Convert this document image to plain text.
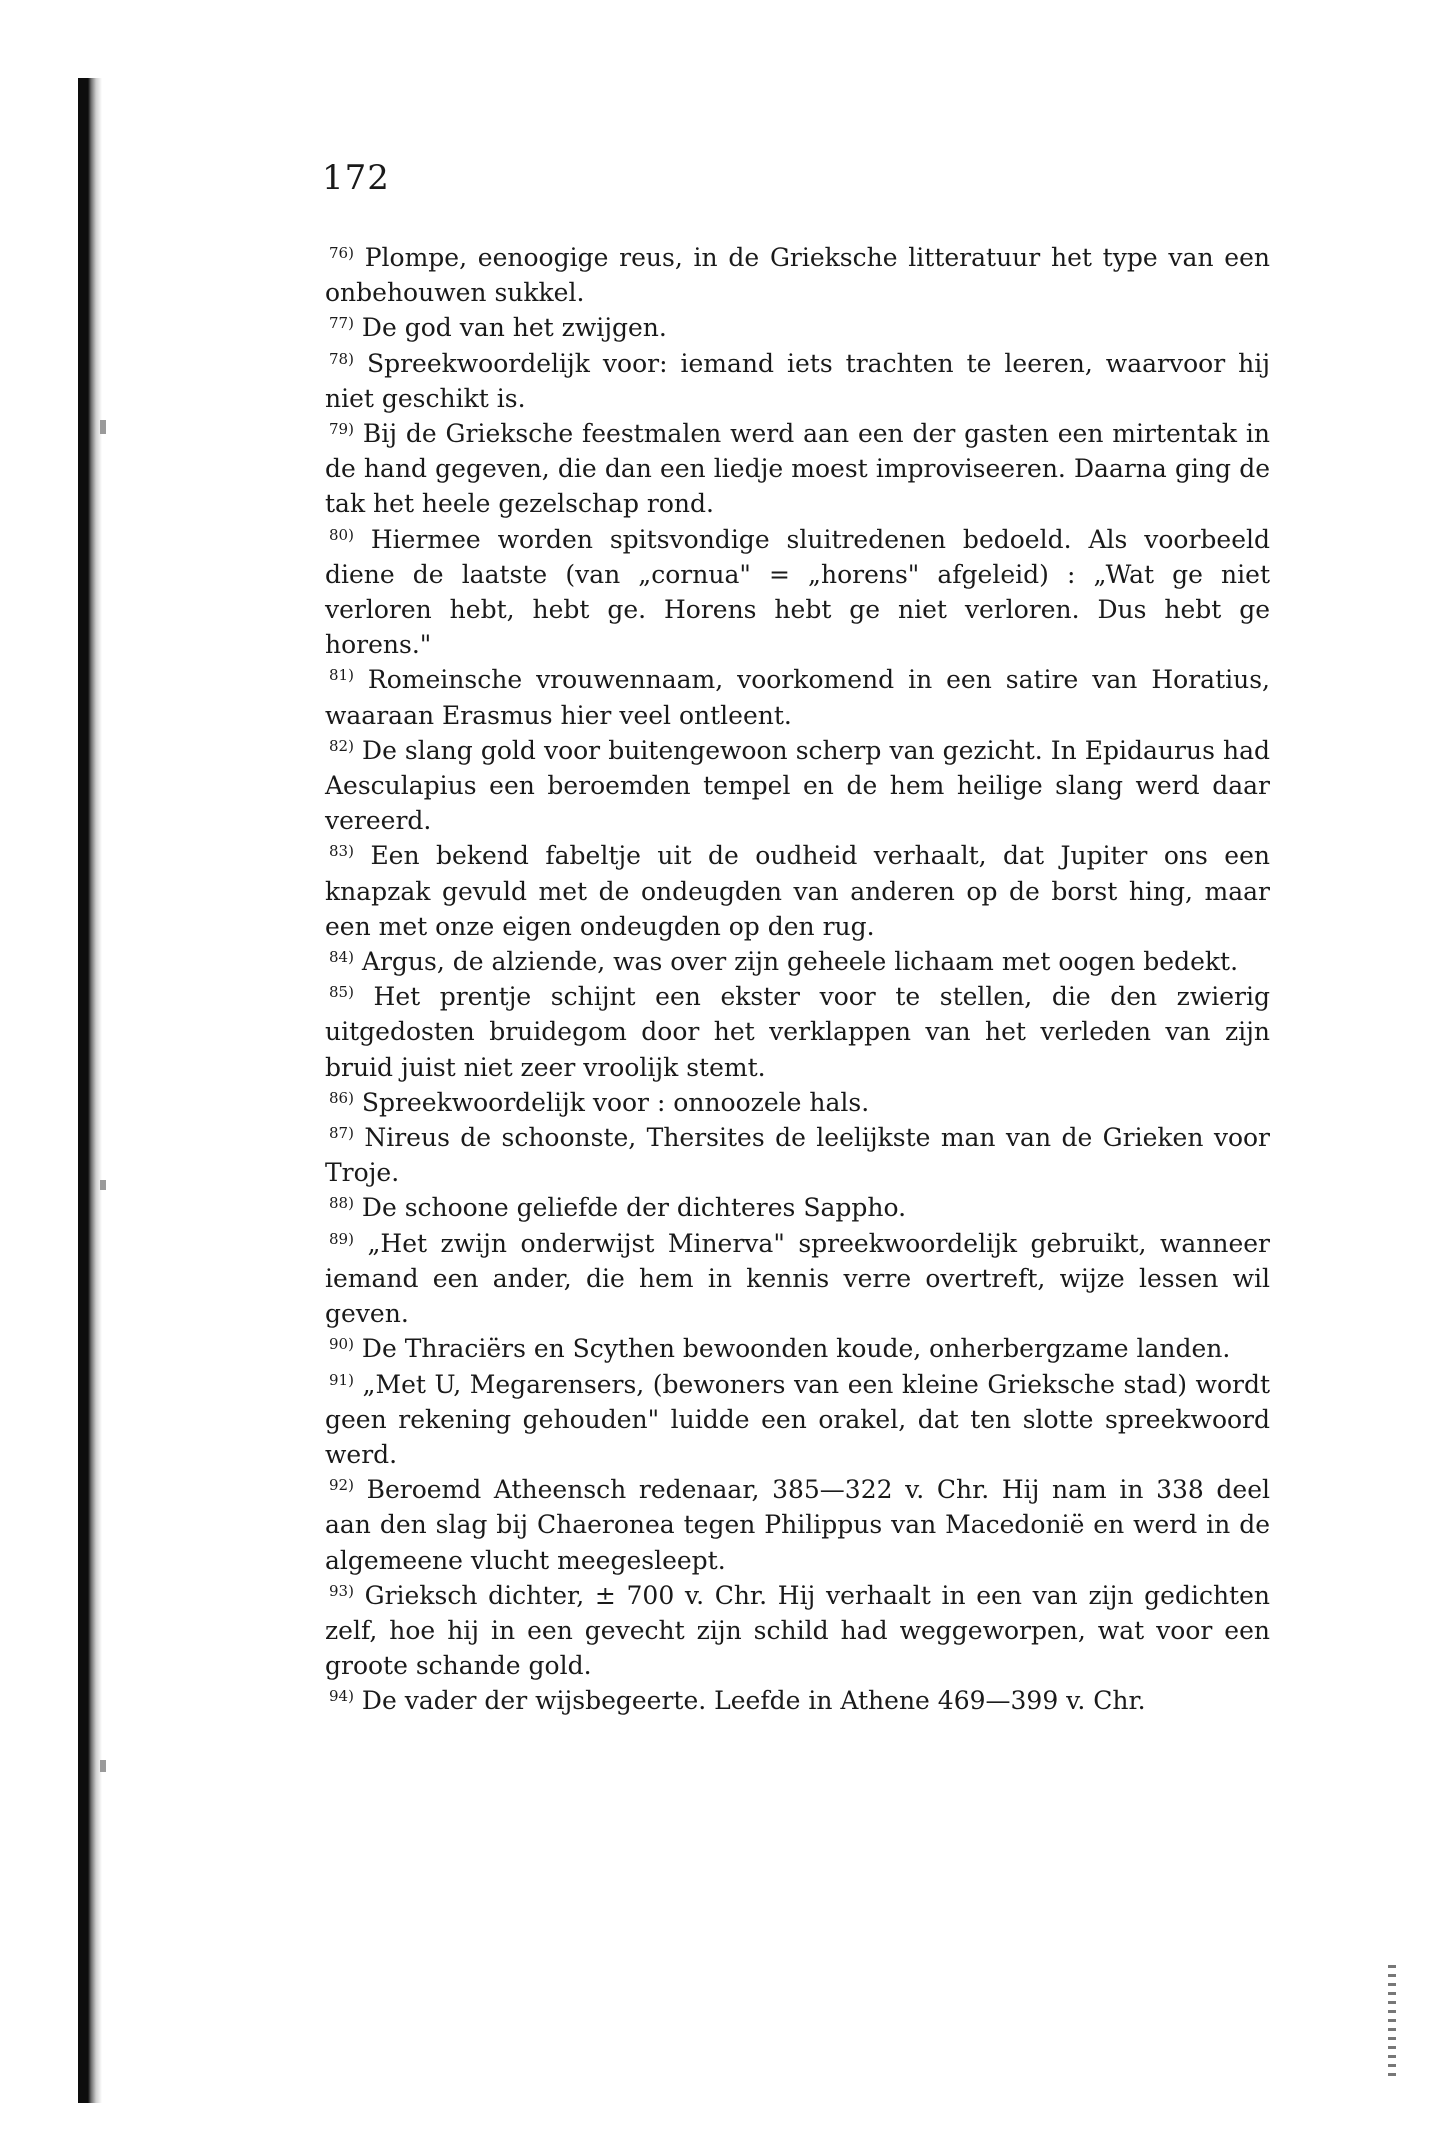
172

$^{76)}$ Plompe, eenoogige reus, in de Grieksche litteratuur het type van een onbehouwen sukkel.

$^{77)}$ De god van het zwijgen.

$^{78)}$ Spreekwoordelijk voor: iemand iets trachten te leeren, waarvoor hij niet geschikt is.

$^{79)}$ Bij de Grieksche feestmalen werd aan een der gasten een mirtentak in de hand gegeven, die dan een liedje moest improviseeren. Daarna ging de tak het heele gezelschap rond.

$^{80)}$ Hiermee worden spitsvondige sluitredenen bedoeld. Als voorbeeld diene de laatste (van „cornua" = „horens" afgeleid) : „Wat ge niet verloren hebt, hebt ge. Horens hebt ge niet verloren. Dus hebt ge horens."

$^{81)}$ Romeinsche vrouwennaam, voorkomend in een satire van Horatius, waaraan Erasmus hier veel ontleent.

$^{82)}$ De slang gold voor buitengewoon scherp van gezicht. In Epidaurus had Aesculapius een beroemden tempel en de hem heilige slang werd daar vereerd.

$^{83)}$ Een bekend fabeltje uit de oudheid verhaalt, dat Jupiter ons een knapzak gevuld met de ondeugden van anderen op de borst hing, maar een met onze eigen ondeugden op den rug.

$^{84)}$ Argus, de alziende, was over zijn geheele lichaam met oogen bedekt.

$^{85)}$ Het prentje schijnt een ekster voor te stellen, die den zwierig uitgedosten bruidegom door het verklappen van het verleden van zijn bruid juist niet zeer vroolijk stemt.

$^{86)}$ Spreekwoordelijk voor : onnoozele hals.

$^{87)}$ Nireus de schoonste, Thersites de leelijkste man van de Grieken voor Troje.

$^{88)}$ De schoone geliefde der dichteres Sappho.

$^{89)}$ „Het zwijn onderwijst Minerva" spreekwoordelijk gebruikt, wanneer iemand een ander, die hem in kennis verre overtreft, wijze lessen wil geven.

$^{90)}$ De Thraciërs en Scythen bewoonden koude, onherbergzame landen.

$^{91)}$ „Met U, Megarensers, (bewoners van een kleine Grieksche stad) wordt geen rekening gehouden" luidde een orakel, dat ten slotte spreekwoord werd.

$^{92)}$ Beroemd Atheensch redenaar, 385—322 v. Chr. Hij nam in 338 deel aan den slag bij Chaeronea tegen Philippus van Macedonië en werd in de algemeene vlucht meegesleept.

$^{93)}$ Grieksch dichter, ± 700 v. Chr. Hij verhaalt in een van zijn gedichten zelf, hoe hij in een gevecht zijn schild had weggeworpen, wat voor een groote schande gold.

$^{94)}$ De vader der wijsbegeerte. Leefde in Athene 469—399 v. Chr.
